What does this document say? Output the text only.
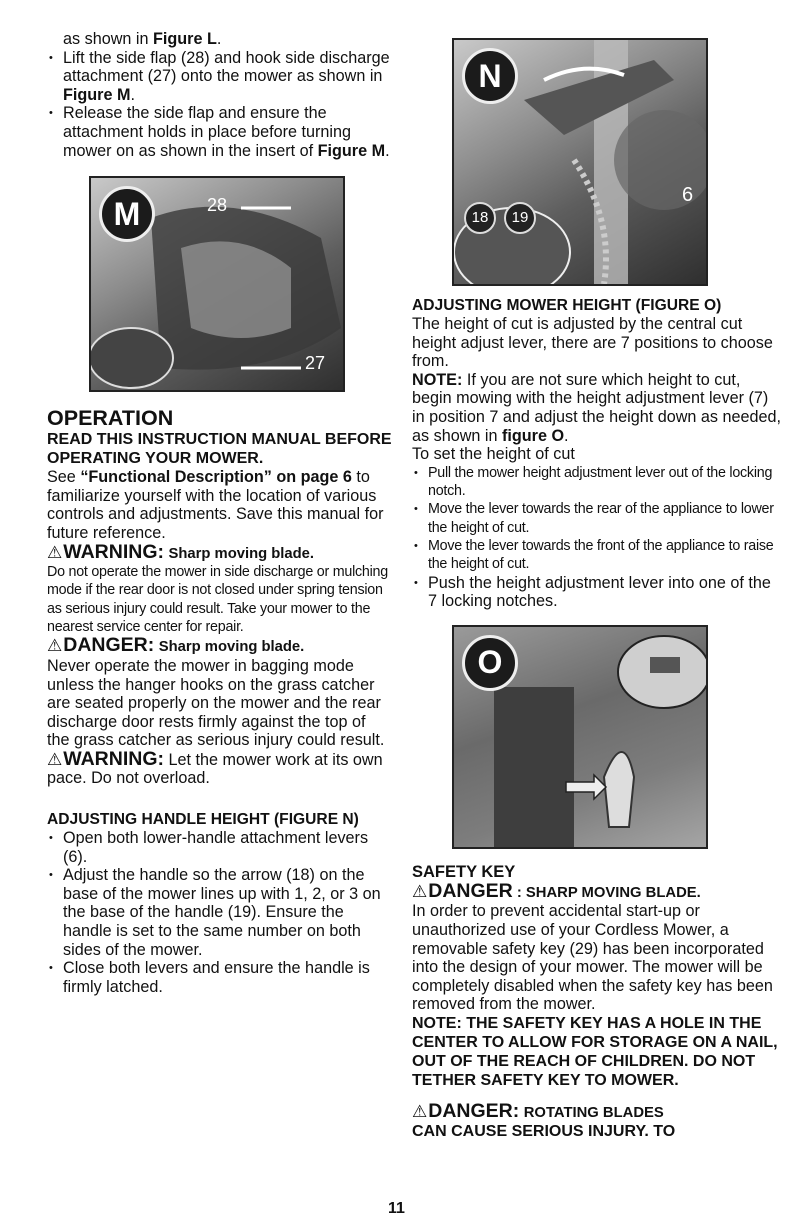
as shown in Figure L.

• Lift the side flap (28) and hook side discharge attachment (27) onto the mower as shown in Figure M.

• Release the side flap and ensure the attachment holds in place before turning mower on as shown in the insert of Figure M.

M	28
27

OPERATION

READ THIS INSTRUCTION MANUAL BEFORE OPERATING YOUR MOWER.

See “Functional Description” on page 6 to familiarize yourself with the location of various controls and adjustments. Save this manual for future reference.

⚠WARNING: Sharp moving blade.

Do not operate the mower in side discharge or mulching mode if the rear door is not closed under spring tension as serious injury could result. Take your mower to the nearest service center for repair.

⚠DANGER: Sharp moving blade.

Never operate the mower in bagging mode unless the hanger hooks on the grass catcher are seated properly on the mower and the rear discharge door rests firmly against the top of the grass catcher as serious injury could result.

⚠WARNING: Let the mower work at its own pace. Do not overload.

ADJUSTING HANDLE HEIGHT (FIGURE N)

• Open both lower-handle attachment levers (6).

• Adjust the handle so the arrow (18) on the base of the mower lines up with 1, 2, or 3 on the base of the handle (19). Ensure the handle is set to the same number on both sides of the mower.

• Close both levers and ensure the handle is firmly latched.

N
6
18	19

ADJUSTING MOWER HEIGHT (FIGURE O)

The height of cut is adjusted by the central cut height adjust lever, there are 7 positions to choose from.

NOTE: If you are not sure which height to cut, begin mowing with the height adjustment lever (7) in position 7 and adjust the height down as needed, as shown in figure O.

To set the height of cut

• Pull the mower height adjustment lever out of the locking notch.

• Move the lever towards the rear of the appliance to lower the height of cut.

• Move the lever towards the front of the appliance to raise the height of cut.

• Push the height adjustment lever into one of the 7 locking notches.

O

SAFETY KEY

⚠DANGER : SHARP MOVING BLADE.

In order to prevent accidental start-up or unauthorized use of your Cordless Mower, a removable safety key (29) has been incorporated into the design of your mower. The mower will be completely disabled when the safety key has been removed from the mower.

NOTE: THE SAFETY KEY HAS A HOLE IN THE CENTER TO ALLOW FOR STORAGE ON A NAIL, OUT OF THE REACH OF CHILDREN. DO NOT TETHER SAFETY KEY TO MOWER.

⚠DANGER: ROTATING BLADES

CAN CAUSE SERIOUS INJURY. TO

11
